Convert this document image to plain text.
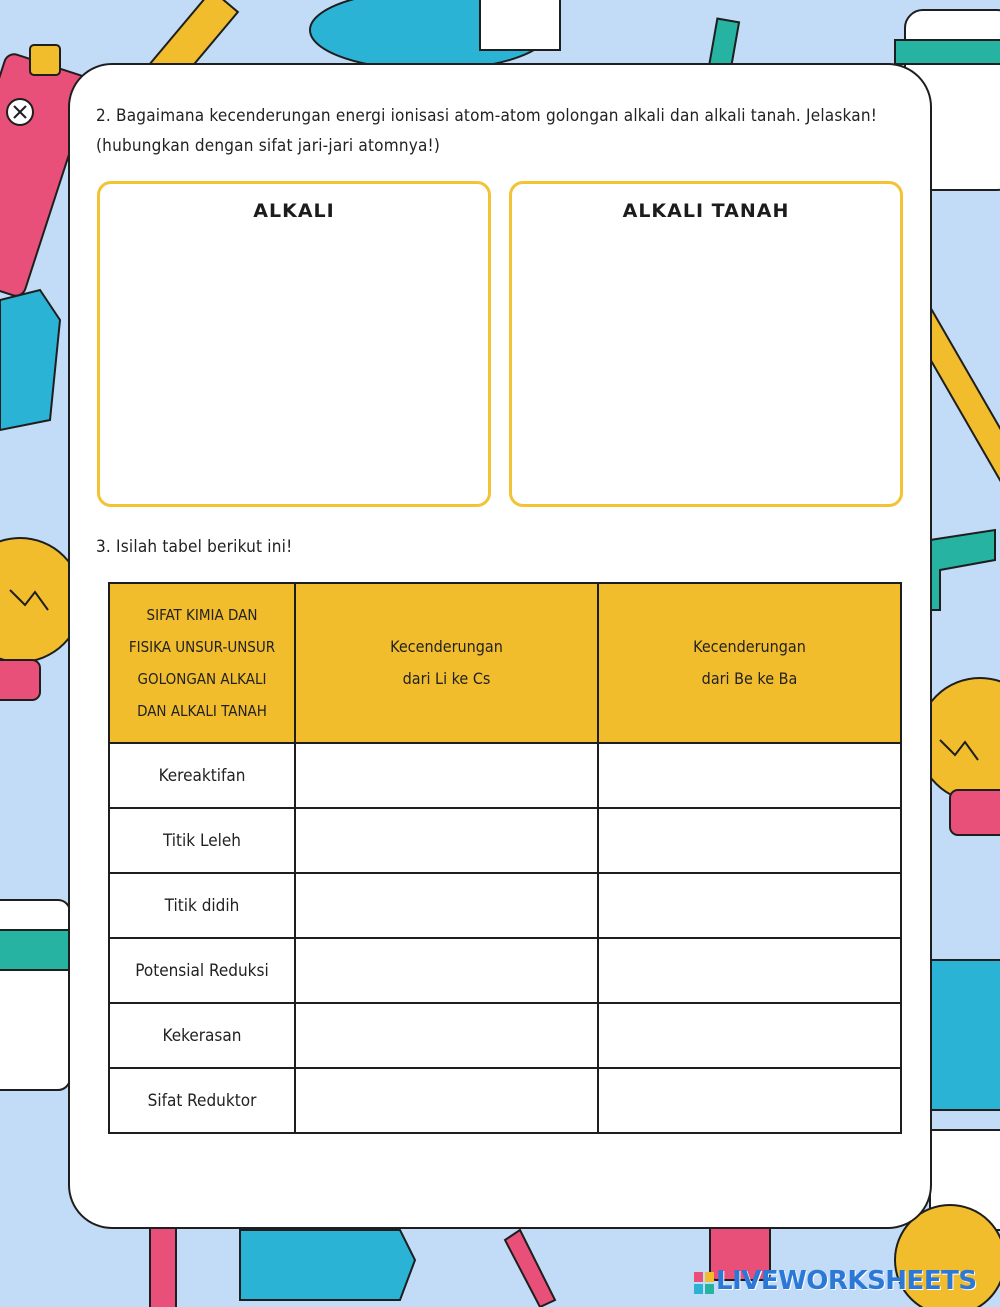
2. Bagaimana kecenderungan energi ionisasi atom-atom golongan alkali dan alkali tanah. Jelaskan!
(hubungkan dengan sifat jari-jari atomnya!)
ALKALI	ALKALI TANAH
3. Isilah tabel berikut ini!
SIFAT KIMIA DAN
FISIKA UNSUR-UNSUR
GOLONGAN ALKALI
DAN ALKALI TANAH	Kecenderungan
dari Li ke Cs	Kecenderungan
dari Be ke Ba

Kereaktifan		
Titik Leleh		
Titik didih		
Potensial Reduksi		
Kekerasan		
Sifat Reduktor		
LIVEWORKSHEETS
